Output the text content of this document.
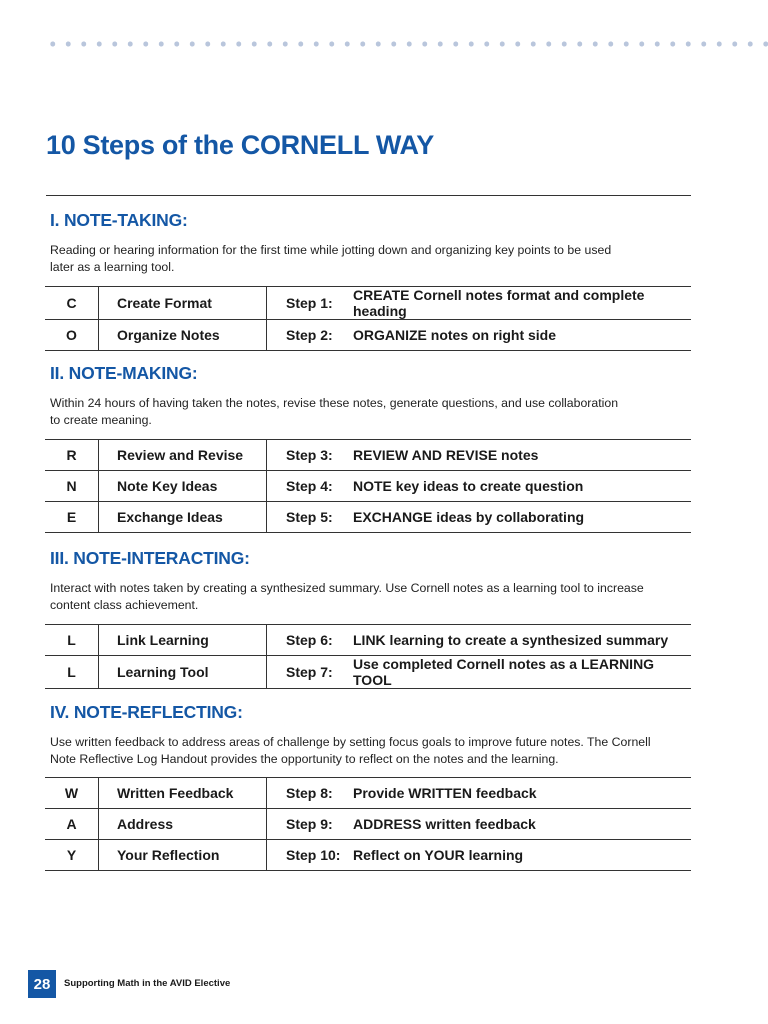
10 Steps of the CORNELL WAY
I. NOTE-TAKING:

Reading or hearing information for the first time while jotting down and organizing key points to be used
later as a learning tool.

C	Create Format	Step 1:	CREATE Cornell notes format and complete heading
O	Organize Notes	Step 2:	ORGANIZE notes on right side
II. NOTE-MAKING:

Within 24 hours of having taken the notes, revise these notes, generate questions, and use collaboration
to create meaning.

R	Review and Revise	Step 3:	REVIEW AND REVISE notes
N	Note Key Ideas	Step 4:	NOTE key ideas to create question
E	Exchange Ideas	Step 5:	EXCHANGE ideas by collaborating
III. NOTE-INTERACTING:

Interact with notes taken by creating a synthesized summary. Use Cornell notes as a learning tool to increase
content class achievement.

L	Link Learning	Step 6:	LINK learning to create a synthesized summary
L	Learning Tool	Step 7:	Use completed Cornell notes as a LEARNING TOOL
IV. NOTE-REFLECTING:

Use written feedback to address areas of challenge by setting focus goals to improve future notes. The Cornell
Note Reflective Log Handout provides the opportunity to reflect on the notes and the learning.

W	Written Feedback	Step 8:	Provide WRITTEN feedback
A	Address	Step 9:	ADDRESS written feedback
Y	Your Reflection	Step 10:	Reflect on YOUR learning
28	Supporting Math in the AVID Elective
